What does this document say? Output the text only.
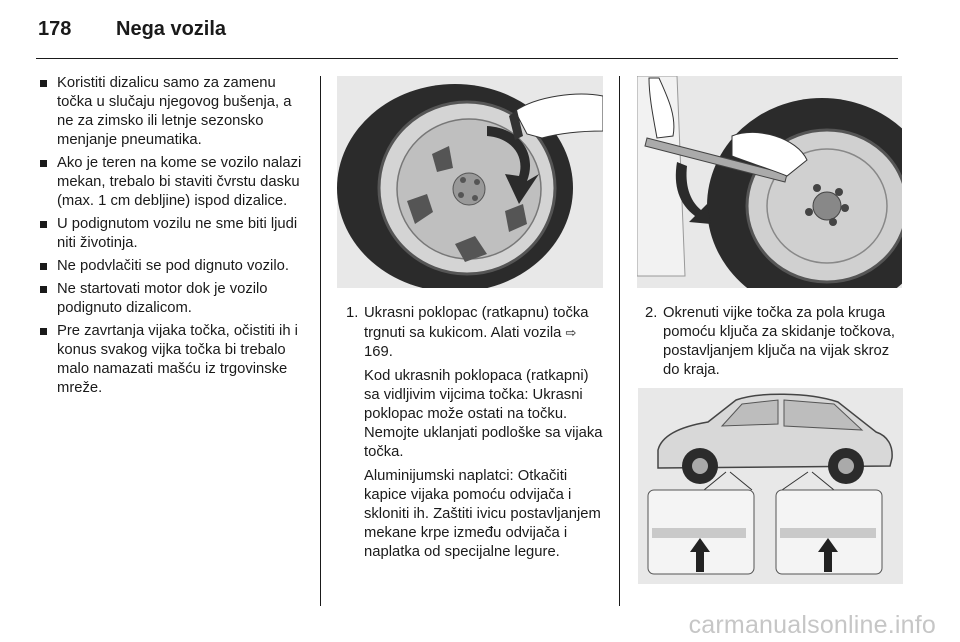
178	Nega vozila
Koristiti dizalicu samo za zamenu točka u slučaju njegovog bušenja, a ne za zimsko ili letnje sezonsko menjanje pneumatika.
Ako je teren na kome se vozilo nalazi mekan, trebalo bi staviti čvrstu dasku (max. 1 cm debljine) ispod dizalice.
U podignutom vozilu ne sme biti ljudi niti životinja.
Ne podvlačiti se pod dignuto vozilo.
Ne startovati motor dok je vozilo podignuto dizalicom.
Pre zavrtanja vijaka točka, očistiti ih i konus svakog vijka točka bi trebalo malo namazati mašću iz trgovinske mreže.
1. Ukrasni poklopac (ratkapnu) točka trgnuti sa kukicom. Alati vozila ⇨ 169.

Kod ukrasnih poklopaca (ratkapni) sa vidljivim vijcima točka: Ukrasni poklopac može ostati na točku. Nemojte uklanjati podloške sa vijaka točka.

Aluminijumski naplatci: Otkačiti kapice vijaka pomoću odvijača i skloniti ih. Zaštiti ivicu postavljanjem mekane krpe između odvijača i naplatka od specijalne legure.

2. Okrenuti vijke točka za pola kruga pomoću ključa za skidanje točkova, postavljanjem ključa na vijak skroz do kraja.

carmanualsonline.info
